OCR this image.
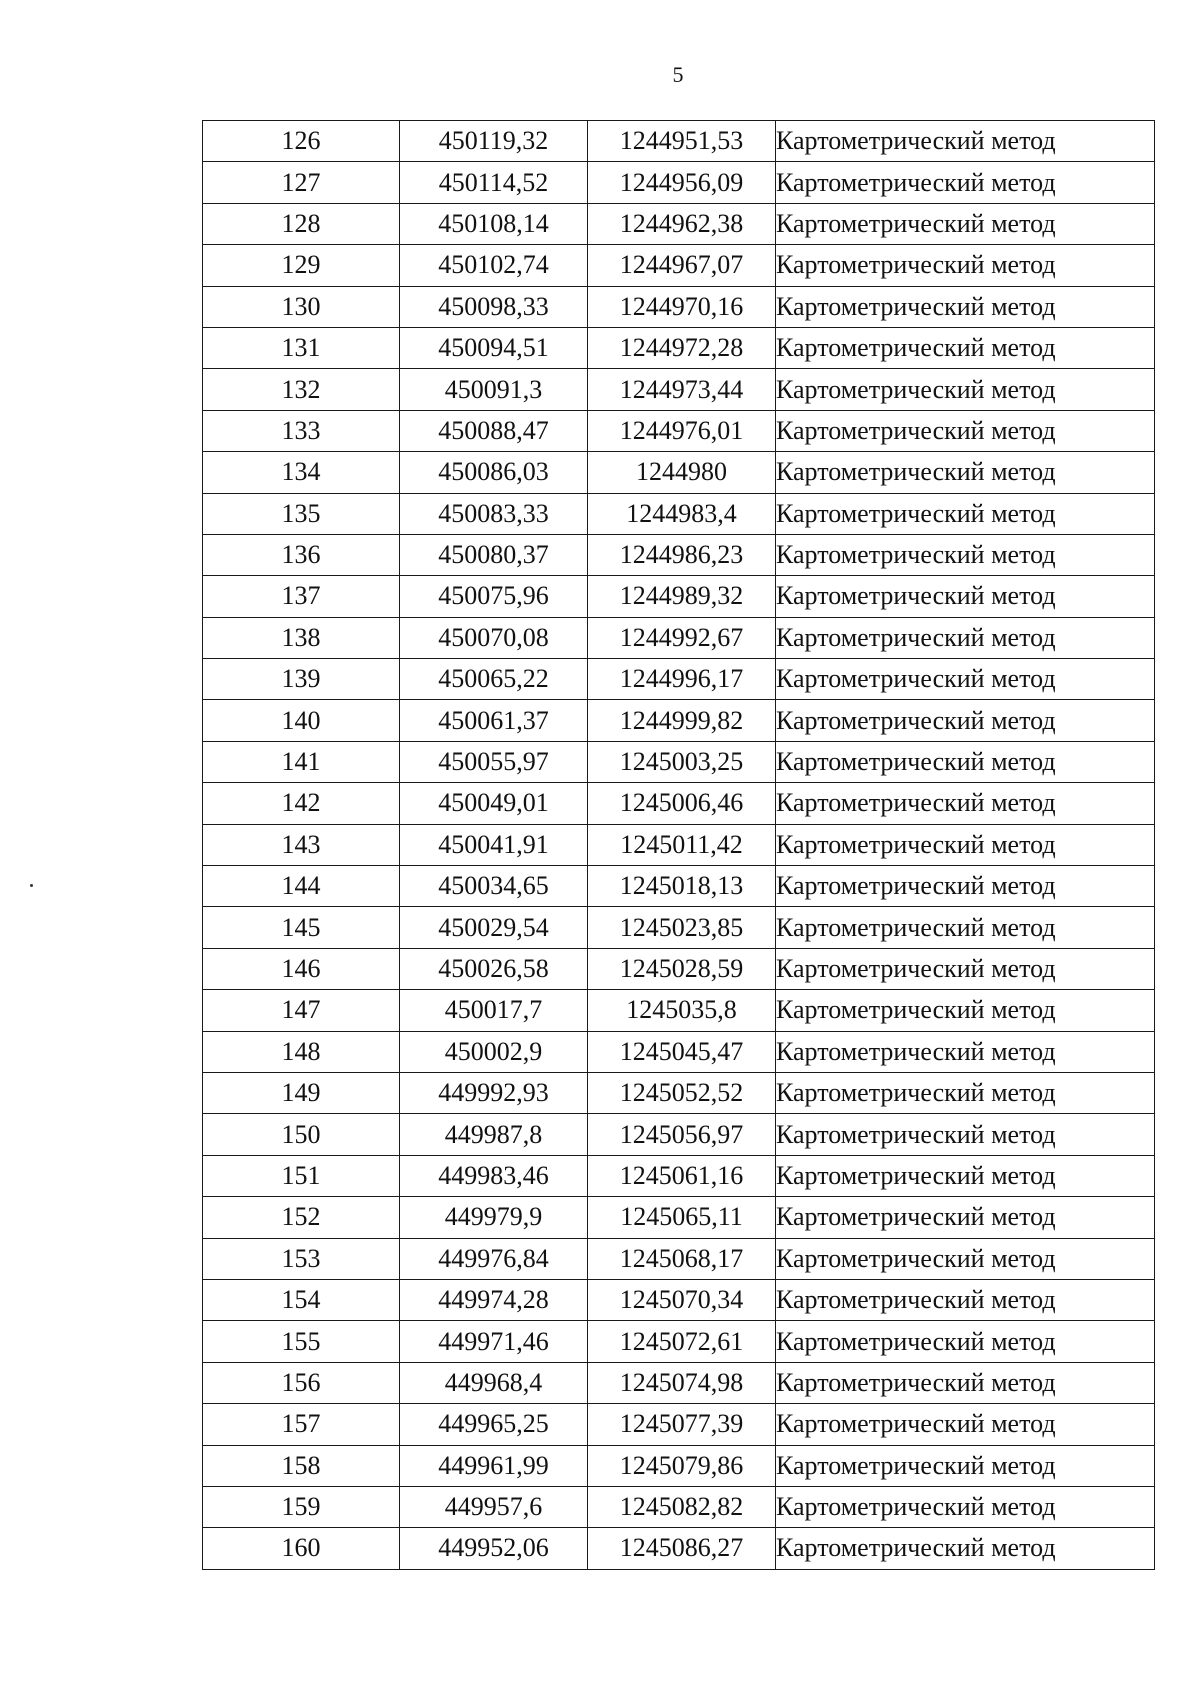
5
126	450119,32	1244951,53	Картометрический метод
127	450114,52	1244956,09	Картометрический метод
128	450108,14	1244962,38	Картометрический метод
129	450102,74	1244967,07	Картометрический метод
130	450098,33	1244970,16	Картометрический метод
131	450094,51	1244972,28	Картометрический метод
132	450091,3	1244973,44	Картометрический метод
133	450088,47	1244976,01	Картометрический метод
134	450086,03	1244980	Картометрический метод
135	450083,33	1244983,4	Картометрический метод
136	450080,37	1244986,23	Картометрический метод
137	450075,96	1244989,32	Картометрический метод
138	450070,08	1244992,67	Картометрический метод
139	450065,22	1244996,17	Картометрический метод
140	450061,37	1244999,82	Картометрический метод
141	450055,97	1245003,25	Картометрический метод
142	450049,01	1245006,46	Картометрический метод
143	450041,91	1245011,42	Картометрический метод
144	450034,65	1245018,13	Картометрический метод
145	450029,54	1245023,85	Картометрический метод
146	450026,58	1245028,59	Картометрический метод
147	450017,7	1245035,8	Картометрический метод
148	450002,9	1245045,47	Картометрический метод
149	449992,93	1245052,52	Картометрический метод
150	449987,8	1245056,97	Картометрический метод
151	449983,46	1245061,16	Картометрический метод
152	449979,9	1245065,11	Картометрический метод
153	449976,84	1245068,17	Картометрический метод
154	449974,28	1245070,34	Картометрический метод
155	449971,46	1245072,61	Картометрический метод
156	449968,4	1245074,98	Картометрический метод
157	449965,25	1245077,39	Картометрический метод
158	449961,99	1245079,86	Картометрический метод
159	449957,6	1245082,82	Картометрический метод
160	449952,06	1245086,27	Картометрический метод
